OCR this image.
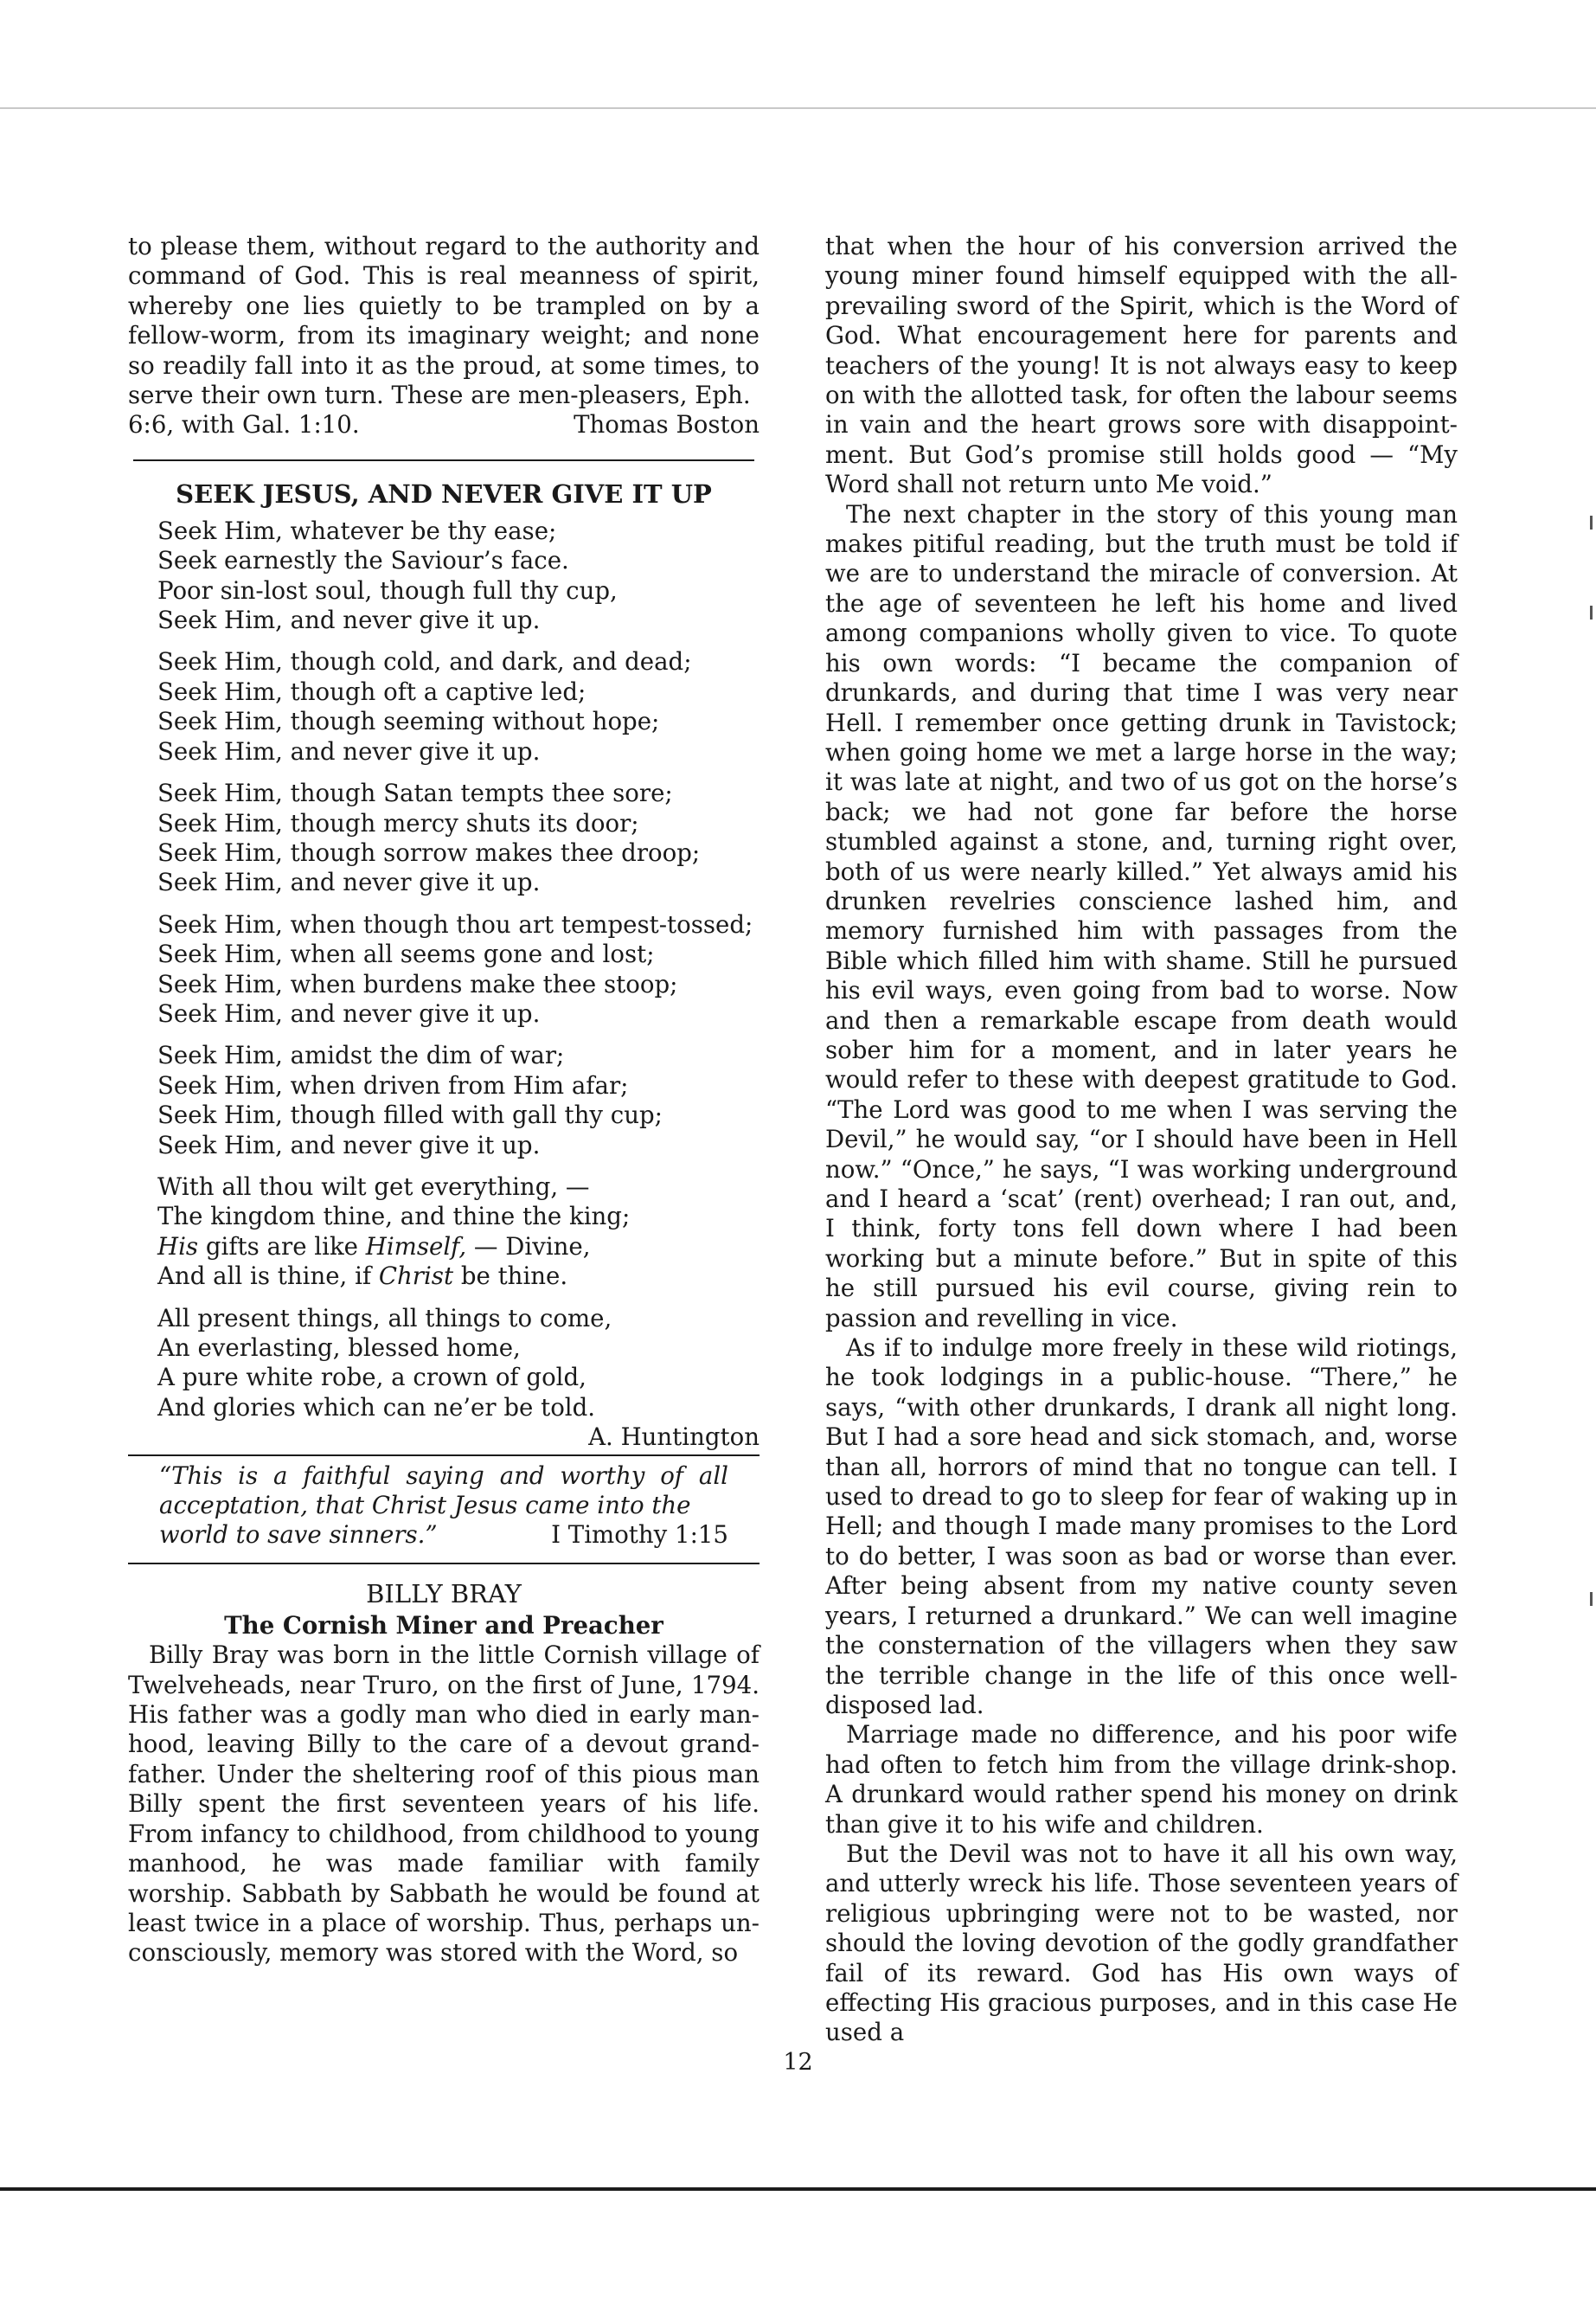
to please them, without regard to the authority and command of God. This is real meanness of spirit, whereby one lies quietly to be trampled on by a fellow-worm, from its imaginary weight; and none so readily fall into it as the proud, at some times, to serve their own turn. These are men-pleasers, Eph.

6:6, with Gal. 1:10.	Thomas Boston
SEEK JESUS, AND NEVER GIVE IT UP
Seek Him, whatever be thy ease;
Seek earnestly the Saviour’s face.
Poor sin-lost soul, though full thy cup,
Seek Him, and never give it up.
Seek Him, though cold, and dark, and dead;
Seek Him, though oft a captive led;
Seek Him, though seeming without hope;
Seek Him, and never give it up.
Seek Him, though Satan tempts thee sore;
Seek Him, though mercy shuts its door;
Seek Him, though sorrow makes thee droop;
Seek Him, and never give it up.
Seek Him, when though thou art tempest-tossed;
Seek Him, when all seems gone and lost;
Seek Him, when burdens make thee stoop;
Seek Him, and never give it up.
Seek Him, amidst the dim of war;
Seek Him, when driven from Him afar;
Seek Him, though filled with gall thy cup;
Seek Him, and never give it up.
With all thou wilt get everything, —
The kingdom thine, and thine the king;
His gifts are like Himself, — Divine,
And all is thine, if Christ be thine.
All present things, all things to come,
An everlasting, blessed home,
A pure white robe, a crown of gold,
And glories which can ne’er be told.
A. Huntington
“This is a faithful saying and worthy of all acceptation, that Christ Jesus came into the
world to save sinners.”	I Timothy 1:15
BILLY BRAY
The Cornish Miner and Preacher

Billy Bray was born in the little Cornish village of Twelveheads, near Truro, on the first of June, 1794. His father was a godly man who died in early manhood, leaving Billy to the care of a devout grandfather. Under the sheltering roof of this pious man Billy spent the first seventeen years of his life. From infancy to childhood, from childhood to young manhood, he was made familiar with family worship. Sabbath by Sabbath he would be found at least twice in a place of worship. Thus, perhaps unconsciously, memory was stored with the Word, so

that when the hour of his conversion arrived the young miner found himself equipped with the all-prevailing sword of the Spirit, which is the Word of God. What encouragement here for parents and teachers of the young! It is not always easy to keep on with the allotted task, for often the labour seems in vain and the heart grows sore with disappointment. But God’s promise still holds good — “My Word shall not return unto Me void.”

The next chapter in the story of this young man makes pitiful reading, but the truth must be told if we are to understand the miracle of conversion. At the age of seventeen he left his home and lived among companions wholly given to vice. To quote his own words: “I became the companion of drunkards, and during that time I was very near Hell. I remember once getting drunk in Tavistock; when going home we met a large horse in the way; it was late at night, and two of us got on the horse’s back; we had not gone far before the horse stumbled against a stone, and, turning right over, both of us were nearly killed.” Yet always amid his drunken revelries conscience lashed him, and memory furnished him with passages from the Bible which filled him with shame. Still he pursued his evil ways, even going from bad to worse. Now and then a remarkable escape from death would sober him for a moment, and in later years he would refer to these with deepest gratitude to God. “The Lord was good to me when I was serving the Devil,” he would say, “or I should have been in Hell now.” “Once,” he says, “I was working underground and I heard a ‘scat’ (rent) overhead; I ran out, and, I think, forty tons fell down where I had been working but a minute before.” But in spite of this he still pursued his evil course, giving rein to passion and revelling in vice.

As if to indulge more freely in these wild riotings, he took lodgings in a public-house. “There,” he says, “with other drunkards, I drank all night long. But I had a sore head and sick stomach, and, worse than all, horrors of mind that no tongue can tell. I used to dread to go to sleep for fear of waking up in Hell; and though I made many promises to the Lord to do better, I was soon as bad or worse than ever. After being absent from my native county seven years, I returned a drunkard.” We can well imagine the consternation of the villagers when they saw the terrible change in the life of this once well-disposed lad.

Marriage made no difference, and his poor wife had often to fetch him from the village drink-shop. A drunkard would rather spend his money on drink than give it to his wife and children.

But the Devil was not to have it all his own way, and utterly wreck his life. Those seventeen years of religious upbringing were not to be wasted, nor should the loving devotion of the godly grandfather fail of its reward. God has His own ways of effecting His gracious purposes, and in this case He used a

12
